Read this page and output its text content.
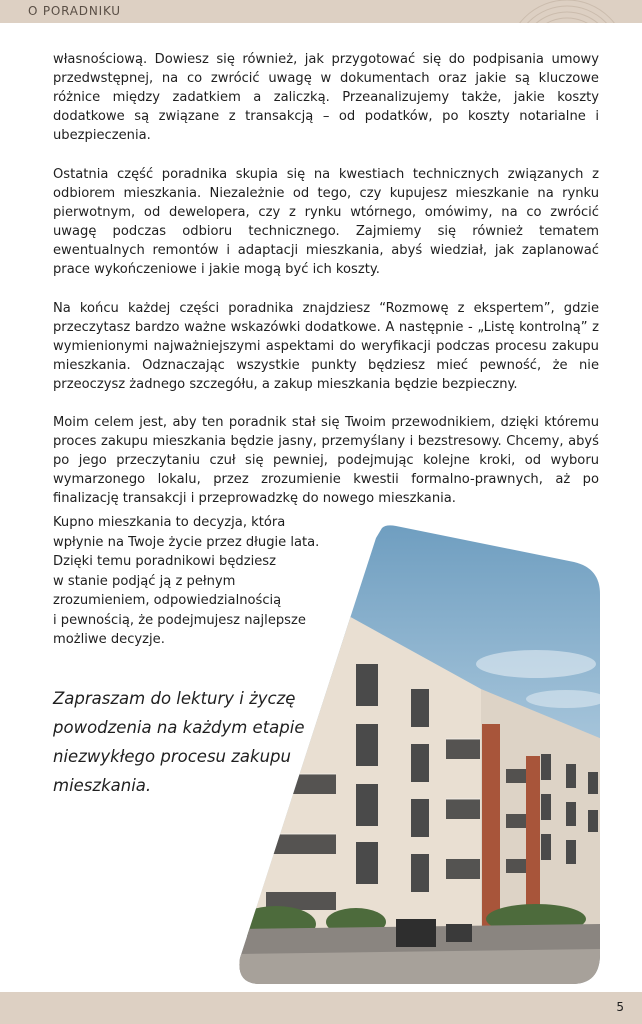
O PORADNIKU

własnościową. Dowiesz się również, jak przygotować się do podpisania umowy przedwstępnej, na co zwrócić uwagę w dokumentach oraz jakie są kluczowe różnice między zadatkiem a zaliczką. Przeanalizujemy także, jakie koszty dodatkowe są związane z transakcją – od podatków, po koszty notarialne i ubezpieczenia.

Ostatnia część poradnika skupia się na kwestiach technicznych związanych z odbiorem mieszkania. Niezależnie od tego, czy kupujesz mieszkanie na rynku pierwotnym, od dewelopera, czy z rynku wtórnego, omówimy, na co zwrócić uwagę podczas odbioru technicznego. Zajmiemy się również tematem ewentualnych remontów i adaptacji mieszkania, abyś wiedział, jak zaplanować prace wykończeniowe i jakie mogą być ich koszty.

Na końcu każdej części poradnika znajdziesz “Rozmowę z ekspertem”, gdzie przeczytasz bardzo ważne wskazówki dodatkowe. A następnie - „Listę kontrolną” z wymienionymi najważniejszymi aspektami do weryfikacji podczas procesu zakupu mieszkania. Odznaczając wszystkie punkty będziesz mieć pewność, że nie przeoczysz żadnego szczegółu, a zakup mieszkania będzie bezpieczny.

Moim celem jest, aby ten poradnik stał się Twoim przewodnikiem, dzięki któremu proces zakupu mieszkania będzie jasny, przemyślany i bezstresowy. Chcemy, abyś po jego przeczytaniu czuł się pewniej, podejmując kolejne kroki, od wyboru wymarzonego lokalu, przez zrozumienie kwestii formalno-prawnych, aż po finalizację transakcji i przeprowadzkę do nowego mieszkania.

Kupno mieszkania to decyzja, która
wpłynie na Twoje życie przez długie lata.
Dzięki temu poradnikowi będziesz
w stanie podjąć ją z pełnym
zrozumieniem, odpowiedzialnością
i pewnością, że podejmujesz najlepsze
możliwe decyzje.

Zapraszam do lektury i życzę
powodzenia na każdym etapie
niezwykłego procesu zakupu
mieszkania.

5
